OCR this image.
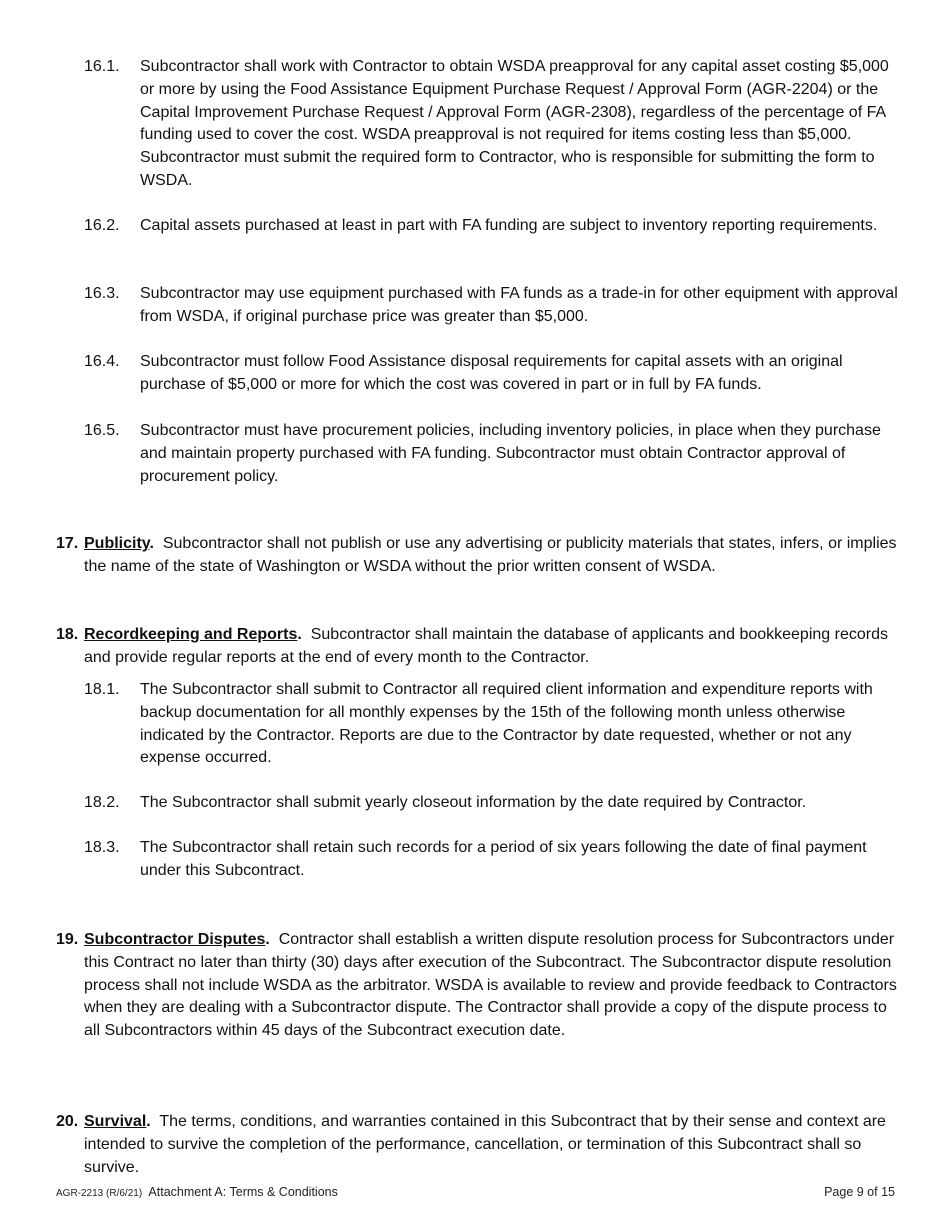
16.1.	Subcontractor shall work with Contractor to obtain WSDA preapproval for any capital asset costing $5,000 or more by using the Food Assistance Equipment Purchase Request / Approval Form (AGR-2204) or the Capital Improvement Purchase Request / Approval Form (AGR-2308), regardless of the percentage of FA funding used to cover the cost. WSDA preapproval is not required for items costing less than $5,000. Subcontractor must submit the required form to Contractor, who is responsible for submitting the form to WSDA.
16.2.	Capital assets purchased at least in part with FA funding are subject to inventory reporting requirements.
16.3.	Subcontractor may use equipment purchased with FA funds as a trade-in for other equipment with approval from WSDA, if original purchase price was greater than $5,000.
16.4.	Subcontractor must follow Food Assistance disposal requirements for capital assets with an original purchase of $5,000 or more for which the cost was covered in part or in full by FA funds.
16.5.	Subcontractor must have procurement policies, including inventory policies, in place when they purchase and maintain property purchased with FA funding. Subcontractor must obtain Contractor approval of procurement policy.
17. Publicity. Subcontractor shall not publish or use any advertising or publicity materials that states, infers, or implies the name of the state of Washington or WSDA without the prior written consent of WSDA.
18. Recordkeeping and Reports. Subcontractor shall maintain the database of applicants and bookkeeping records and provide regular reports at the end of every month to the Contractor.
18.1.	The Subcontractor shall submit to Contractor all required client information and expenditure reports with backup documentation for all monthly expenses by the 15th of the following month unless otherwise indicated by the Contractor. Reports are due to the Contractor by date requested, whether or not any expense occurred.
18.2.	The Subcontractor shall submit yearly closeout information by the date required by Contractor.
18.3.	The Subcontractor shall retain such records for a period of six years following the date of final payment under this Subcontract.
19. Subcontractor Disputes. Contractor shall establish a written dispute resolution process for Subcontractors under this Contract no later than thirty (30) days after execution of the Subcontract. The Subcontractor dispute resolution process shall not include WSDA as the arbitrator. WSDA is available to review and provide feedback to Contractors when they are dealing with a Subcontractor dispute. The Contractor shall provide a copy of the dispute process to all Subcontractors within 45 days of the Subcontract execution date.
20. Survival. The terms, conditions, and warranties contained in this Subcontract that by their sense and context are intended to survive the completion of the performance, cancellation, or termination of this Subcontract shall so survive.
AGR-2213 (R/6/21) Attachment A: Terms & Conditions	Page 9 of 15
